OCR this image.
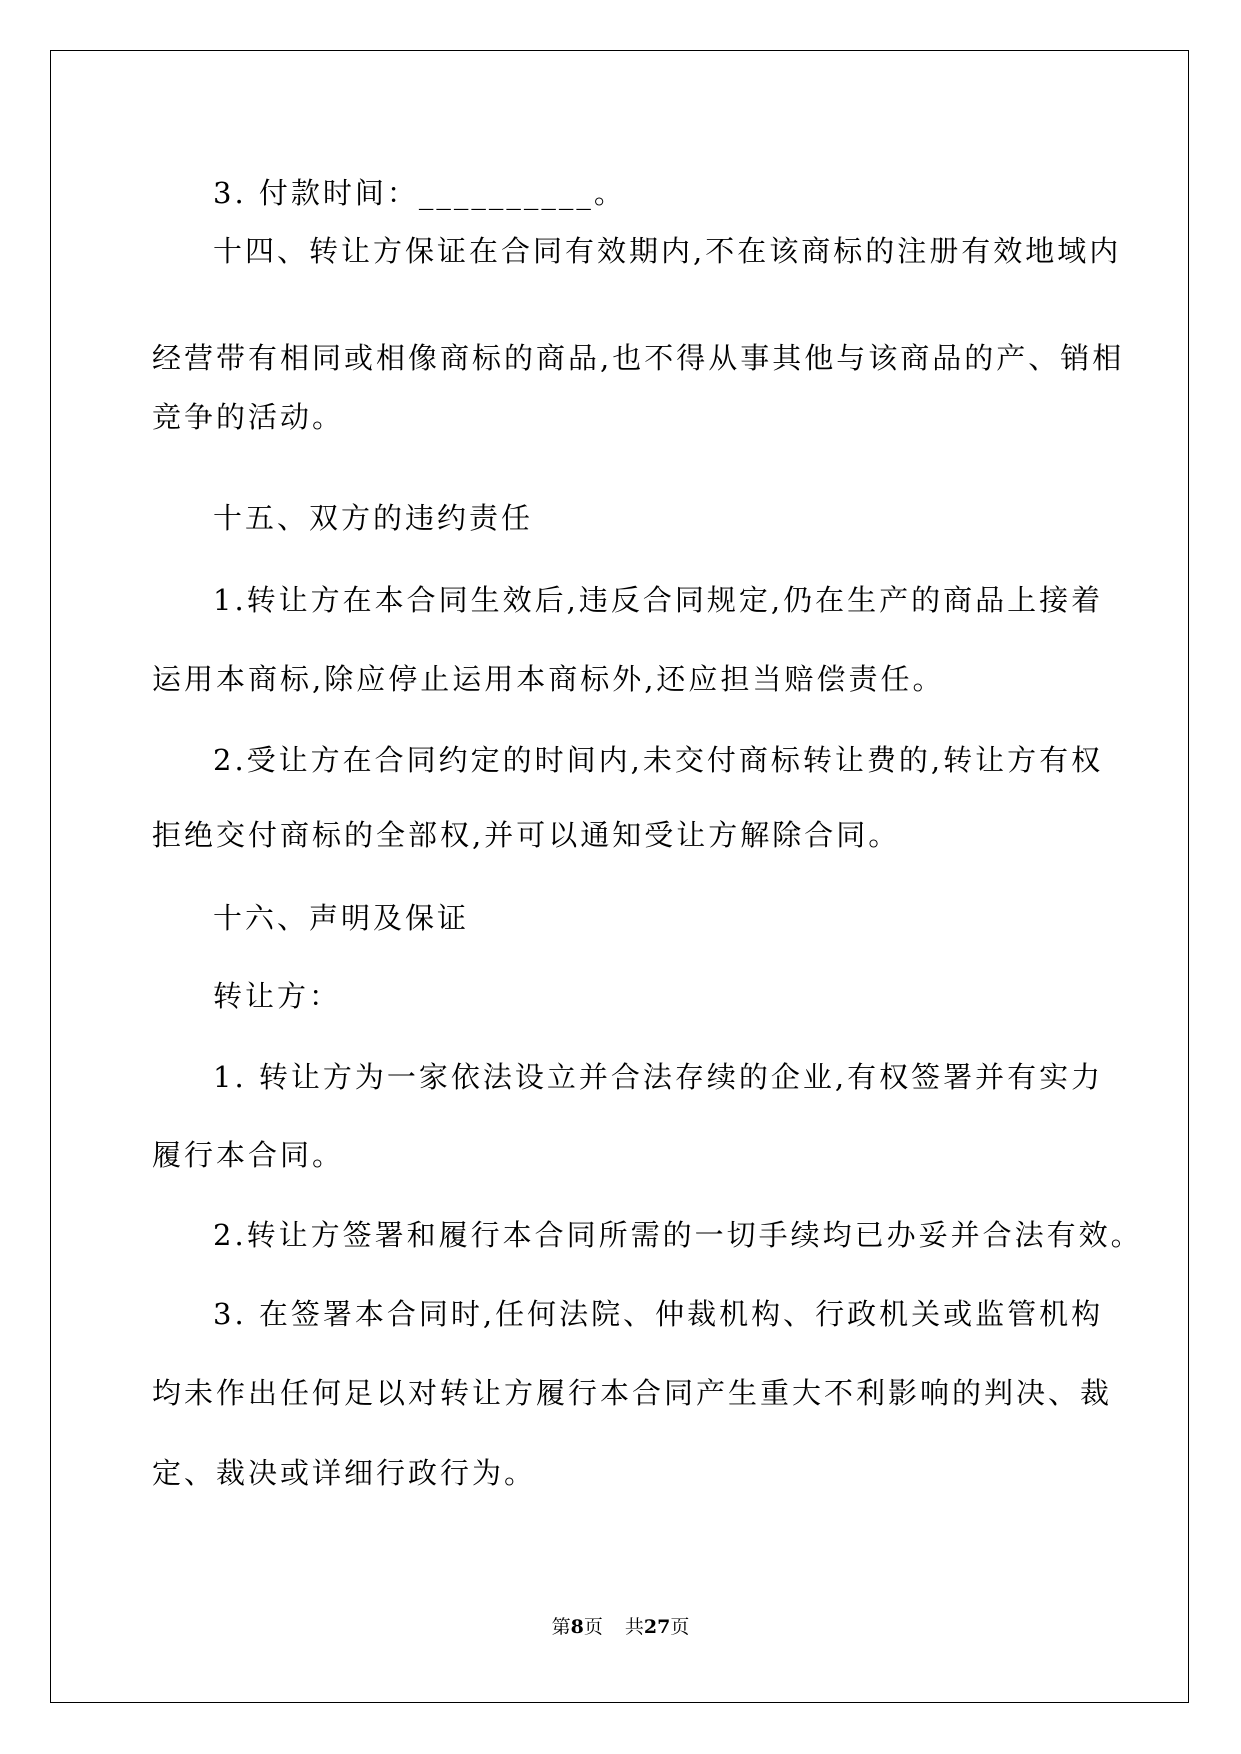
3. 付款时间：__________。

十四、转让方保证在合同有效期内,不在该商标的注册有效地域内

经营带有相同或相像商标的商品,也不得从事其他与该商品的产、销相

竞争的活动。

十五、双方的违约责任

1.转让方在本合同生效后,违反合同规定,仍在生产的商品上接着

运用本商标,除应停止运用本商标外,还应担当赔偿责任。

2.受让方在合同约定的时间内,未交付商标转让费的,转让方有权

拒绝交付商标的全部权,并可以通知受让方解除合同。

十六、声明及保证

转让方：

1. 转让方为一家依法设立并合法存续的企业,有权签署并有实力

履行本合同。

2.转让方签署和履行本合同所需的一切手续均已办妥并合法有效。

3. 在签署本合同时,任何法院、仲裁机构、行政机关或监管机构

均未作出任何足以对转让方履行本合同产生重大不利影响的判决、裁

定、裁决或详细行政行为。

第8页 共27页
